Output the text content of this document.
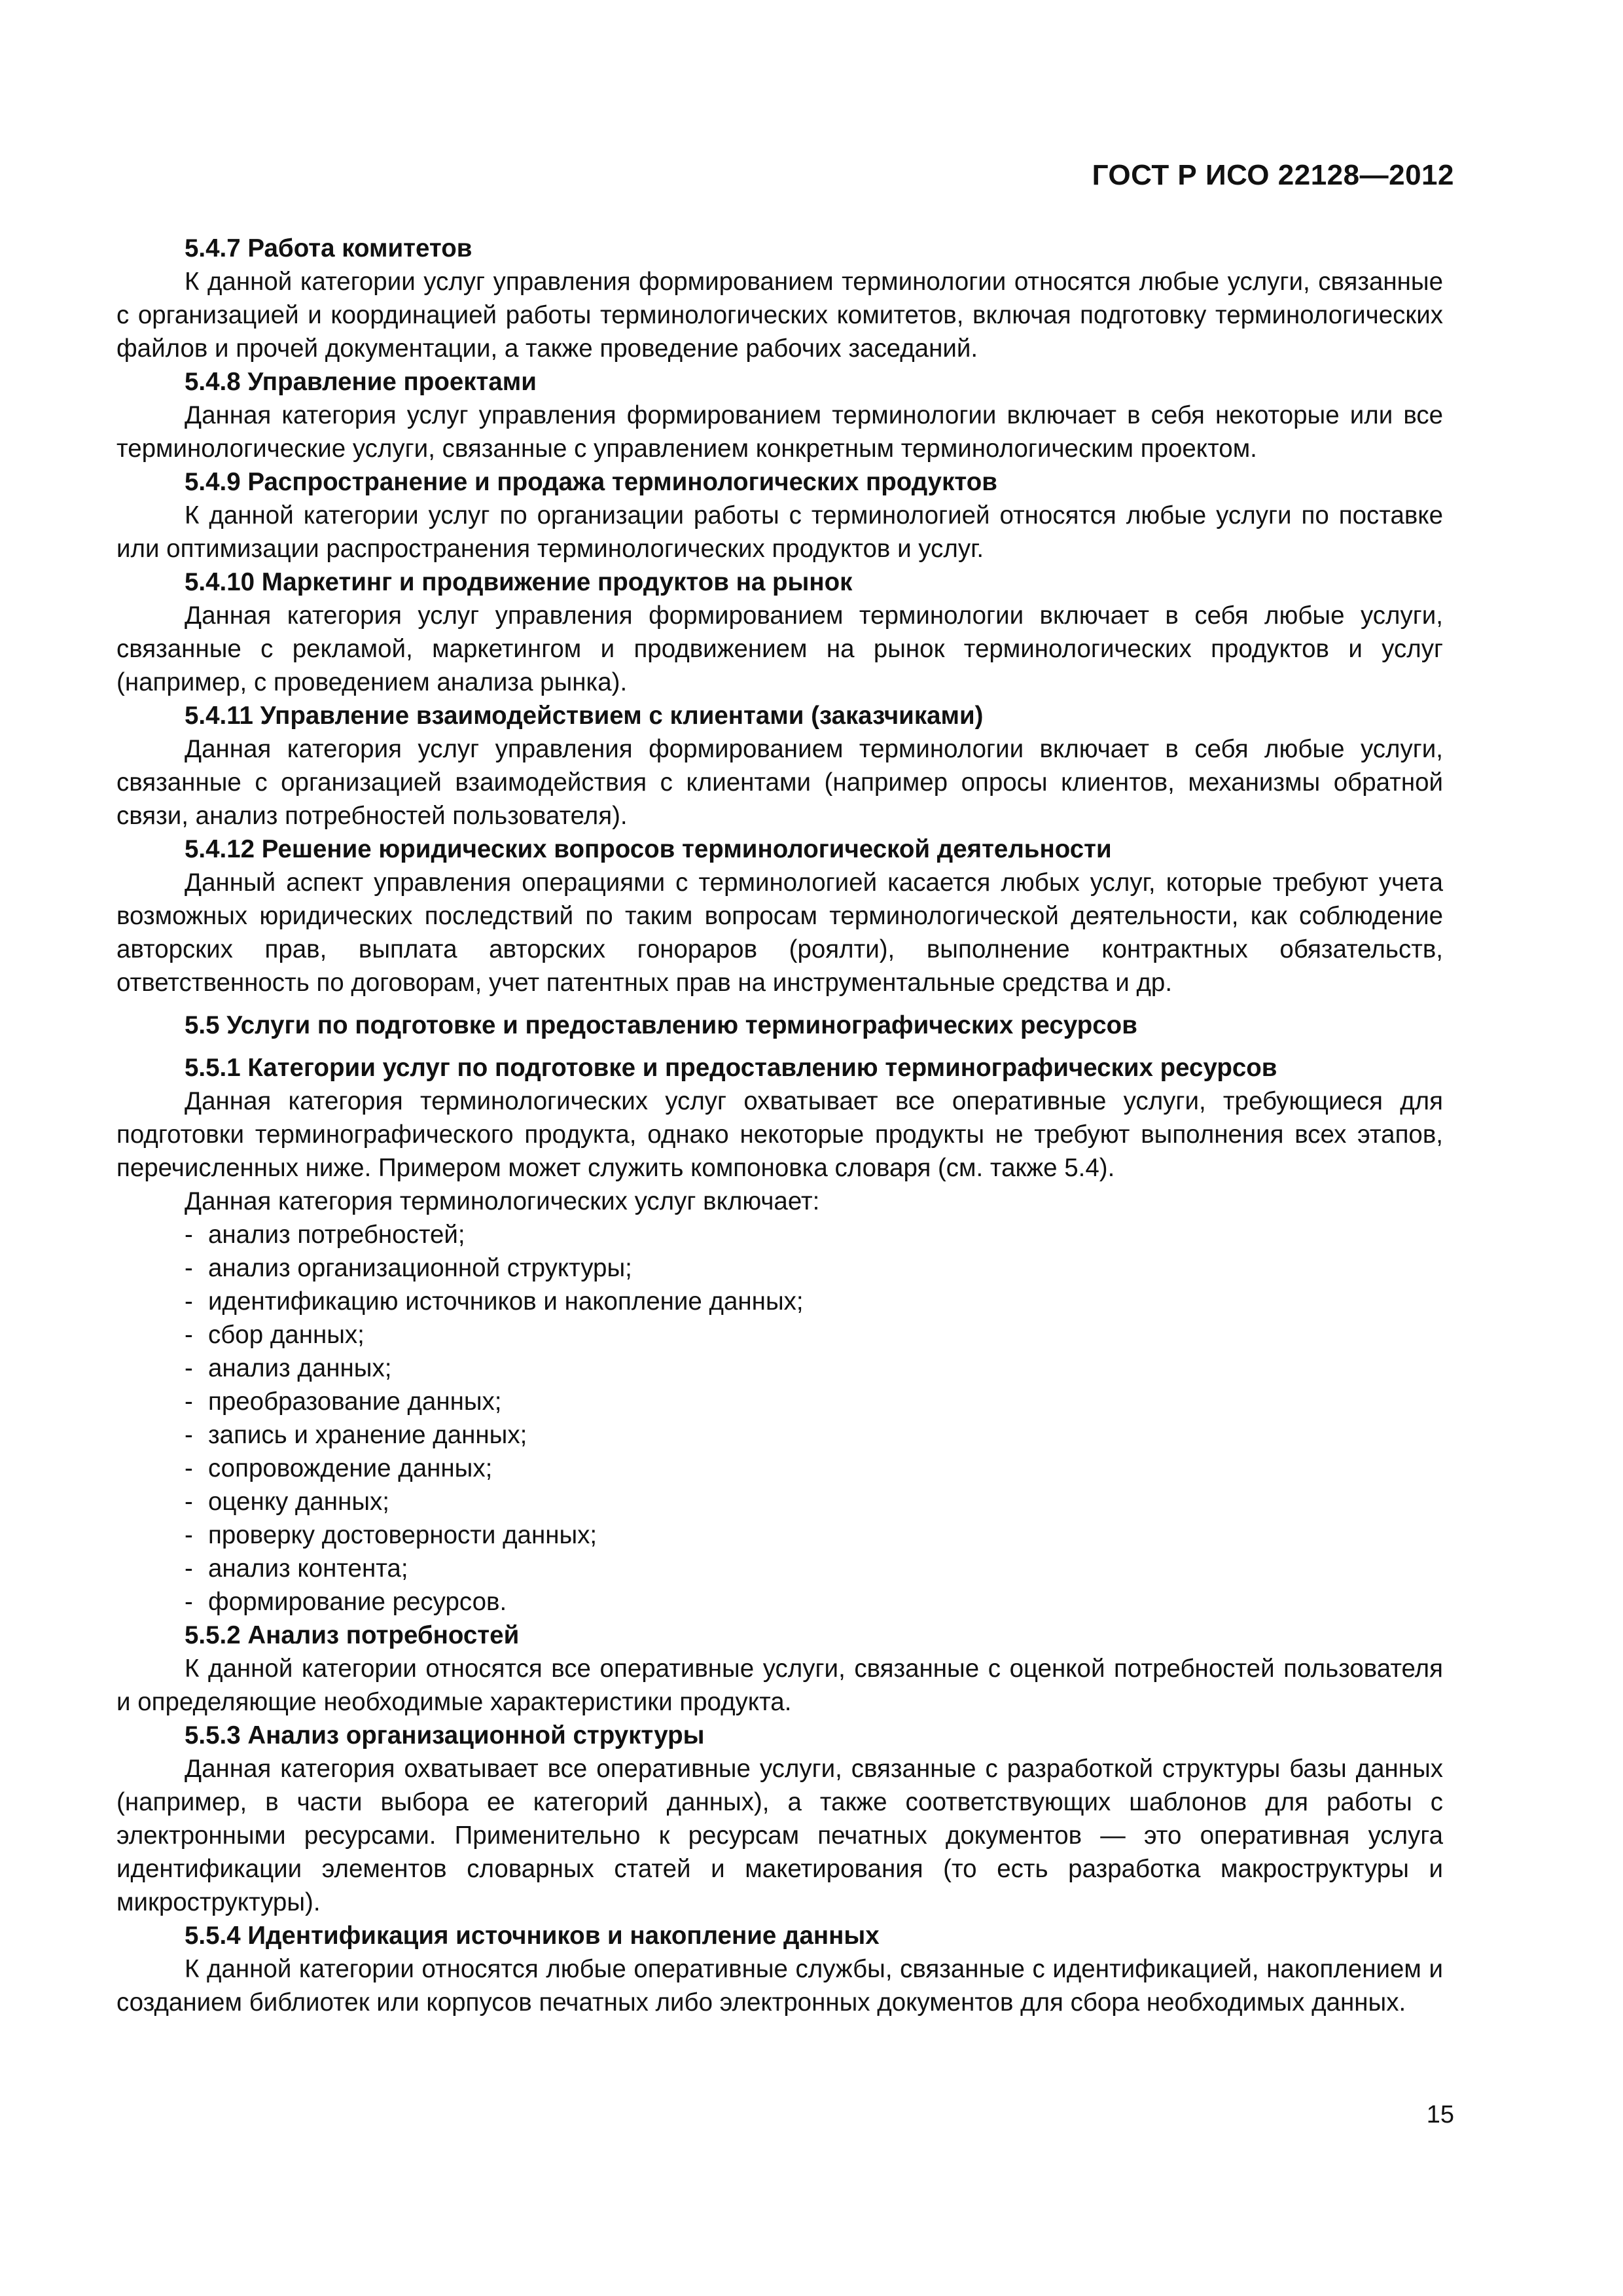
ГОСТ Р ИСО 22128—2012
5.4.7 Работа комитетов

К данной категории услуг управления формированием терминологии относятся любые услуги, связанные с организацией и координацией работы терминологических комитетов, включая подготовку терминологических файлов и прочей документации, а также проведение рабочих заседаний.

5.4.8 Управление проектами

Данная категория услуг управления формированием терминологии включает в себя некоторые или все терминологические услуги, связанные с управлением конкретным терминологическим проектом.

5.4.9 Распространение и продажа терминологических продуктов

К данной категории услуг по организации работы с терминологией относятся любые услуги по поставке или оптимизации распространения терминологических продуктов и услуг.

5.4.10 Маркетинг и продвижение продуктов на рынок

Данная категория услуг управления формированием терминологии включает в себя любые услуги, связанные с рекламой, маркетингом и продвижением на рынок терминологических продуктов и услуг (например, с проведением анализа рынка).

5.4.11 Управление взаимодействием с клиентами (заказчиками)

Данная категория услуг управления формированием терминологии включает в себя любые услуги, связанные с организацией взаимодействия с клиентами (например опросы клиентов, механизмы обратной связи, анализ потребностей пользователя).

5.4.12 Решение юридических вопросов терминологической деятельности

Данный аспект управления операциями с терминологией касается любых услуг, которые требуют учета возможных юридических последствий по таким вопросам терминологической деятельности, как соблюдение авторских прав, выплата авторских гонораров (роялти), выполнение контрактных обязательств, ответственность по договорам, учет патентных прав на инструментальные средства и др.

5.5 Услуги по подготовке и предоставлению терминографических ресурсов
5.5.1 Категории услуг по подготовке и предоставлению терминографических ресурсов

Данная категория терминологических услуг охватывает все оперативные услуги, требующиеся для подготовки терминографического продукта, однако некоторые продукты не требуют выполнения всех этапов, перечисленных ниже. Примером может служить компоновка словаря (см. также 5.4).

Данная категория терминологических услуг включает:

- анализ потребностей;
- анализ организационной структуры;
- идентификацию источников и накопление данных;
- сбор данных;
- анализ данных;
- преобразование данных;
- запись и хранение данных;
- сопровождение данных;
- оценку данных;
- проверку достоверности данных;
- анализ контента;
- формирование ресурсов.
5.5.2 Анализ потребностей

К данной категории относятся все оперативные услуги, связанные с оценкой потребностей пользователя и определяющие необходимые характеристики продукта.

5.5.3 Анализ организационной структуры

Данная категория охватывает все оперативные услуги, связанные с разработкой структуры базы данных (например, в части выбора ее категорий данных), а также соответствующих шаблонов для работы с электронными ресурсами. Применительно к ресурсам печатных документов — это оперативная услуга идентификации элементов словарных статей и макетирования (то есть разработка макроструктуры и микроструктуры).

5.5.4 Идентификация источников и накопление данных

К данной категории относятся любые оперативные службы, связанные с идентификацией, накоплением и созданием библиотек или корпусов печатных либо электронных документов для сбора необходимых данных.

15
